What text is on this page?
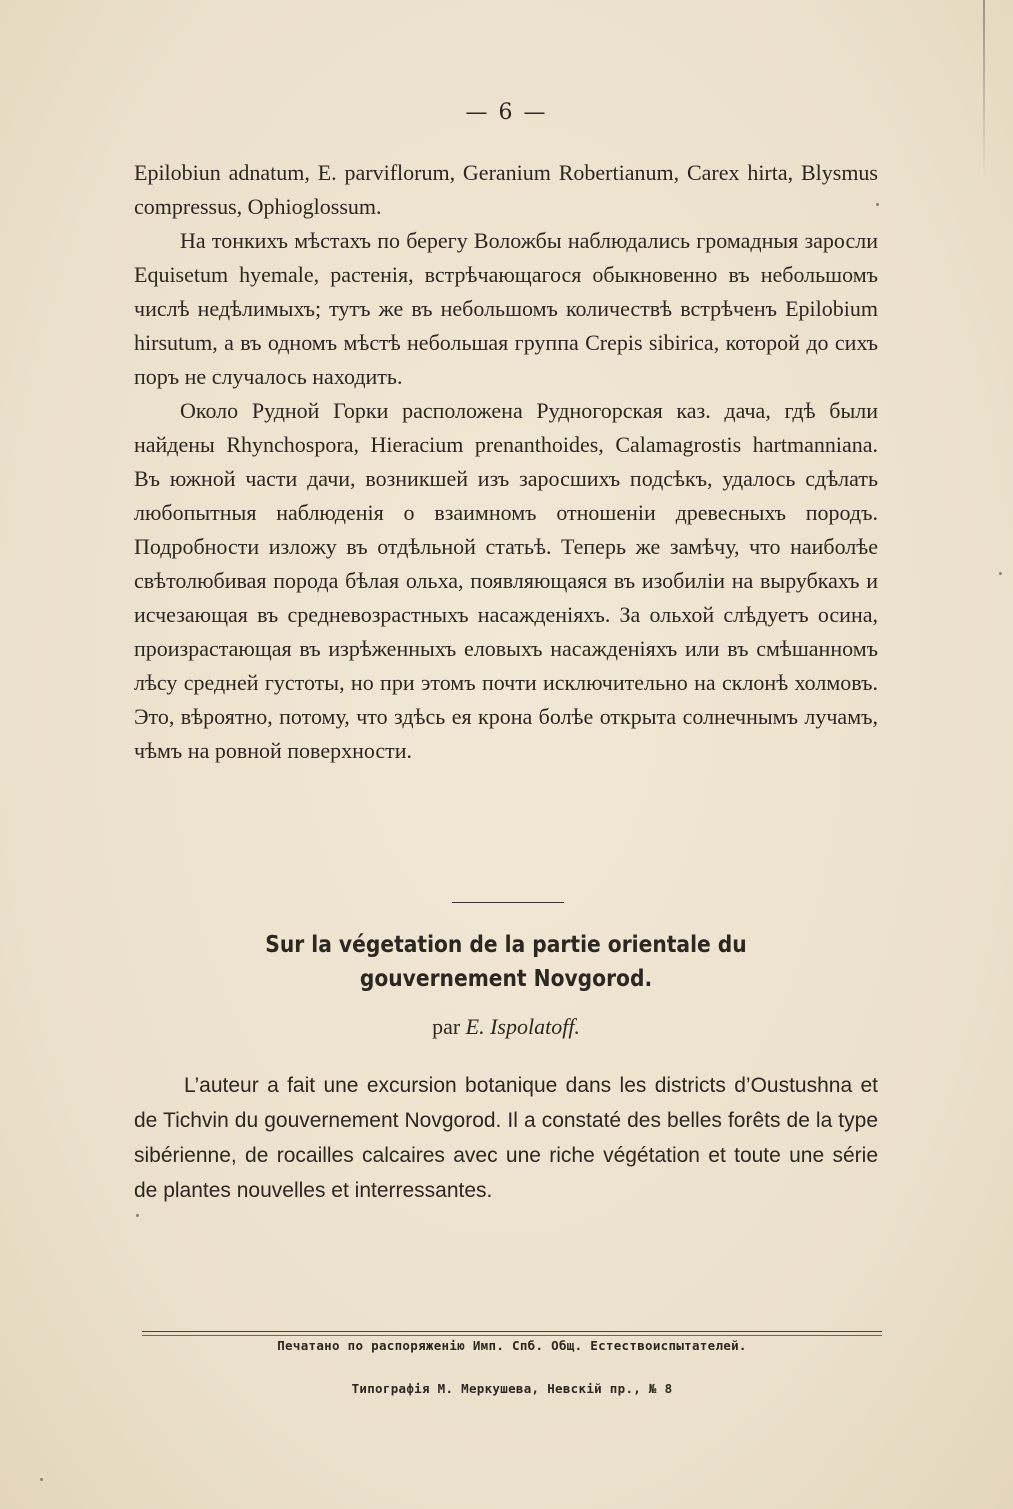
— 6 —

Epilobiun adnatum, E. parviflorum, Geranium Robertianum, Carex hirta, Blysmus compressus, Ophioglossum.

На тонкихъ мѣстахъ по берегу Воложбы наблюдались громадныя заросли Equisetum hyemale, растенія, встрѣчающагося обыкновенно въ небольшомъ числѣ недѣлимыхъ; тутъ же въ небольшомъ количествѣ встрѣченъ Epilobium hirsutum, а въ одномъ мѣстѣ небольшая группа Crepis sibirica, которой до сихъ поръ не случалось находить.

Около Рудной Горки расположена Рудногорская каз. дача, гдѣ были найдены Rhynchospora, Hieracium prenanthoides, Calamagrostis hartmanniana. Въ южной части дачи, возникшей изъ заросшихъ подсѣкъ, удалось сдѣлать любопытныя наблюденія о взаимномъ отношеніи древесныхъ породъ. Подробности изложу въ отдѣльной статьѣ. Теперь же замѣчу, что наиболѣе свѣтолюбивая порода бѣлая ольха, появляющаяся въ изобиліи на вырубкахъ и исчезающая въ средневозрастныхъ насажденіяхъ. За ольхой слѣдуетъ осина, произрастающая въ изрѣженныхъ еловыхъ насажденіяхъ или въ смѣшанномъ лѣсу средней густоты, но при этомъ почти исключительно на склонѣ холмовъ. Это, вѣроятно, потому, что здѣсь ея крона болѣе открыта солнечнымъ лучамъ, чѣмъ на ровной поверхности.

Sur la végetation de la partie orientale du gouvernement Novgorod.
par E. Ispolatoff.
L’auteur a fait une excursion botanique dans les districts d’Oustushna et de Tichvin du gouvernement Novgorod. Il a constaté des belles forêts de la type sibérienne, de rocailles calcaires avec une riche végétation et toute une série de plantes nouvelles et interressantes.
Печатано по распоряженію Имп. Спб. Общ. Естествоиспытателей.
Типографія М. Меркушева, Невскій пр., № 8
